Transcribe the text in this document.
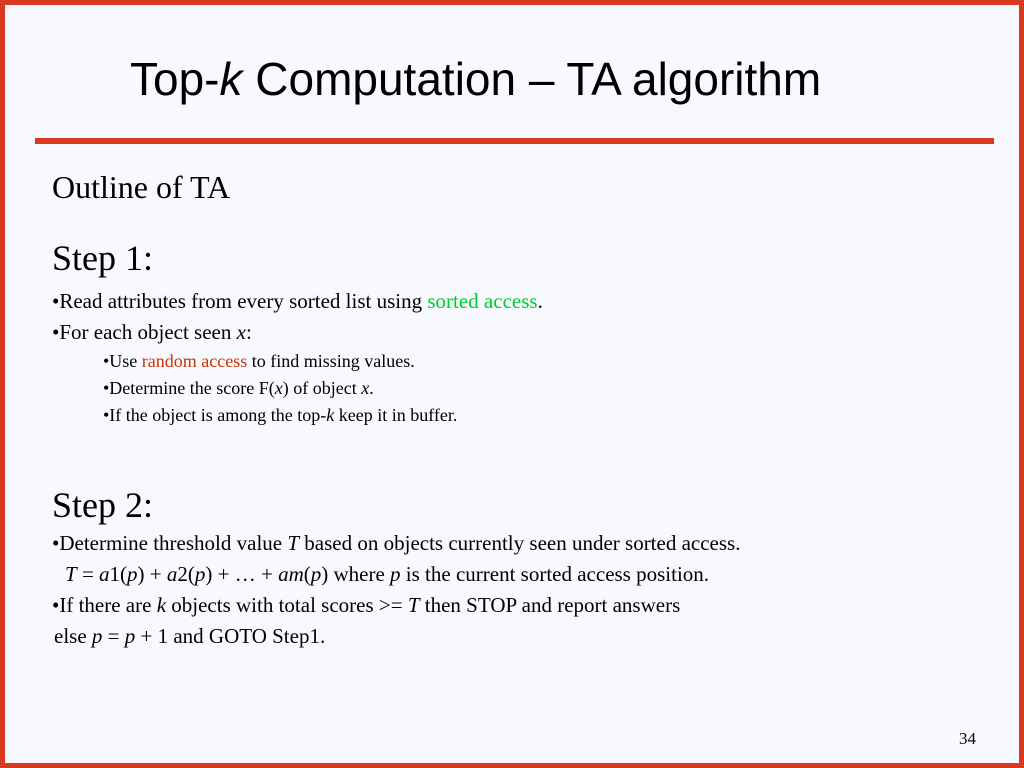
Top-k Computation – TA algorithm
Outline of TA
Step 1:
•Read attributes from every sorted list using sorted access.
•For each object seen x:
•Use random access to find missing values.
•Determine the score F(x) of object x.
•If the object is among the top-k keep it in buffer.
Step 2:
•Determine threshold value T based on objects currently seen under sorted access.
T = a1(p) + a2(p) + … + am(p) where p is the current sorted access position.
•If there are k objects with total scores >= T then STOP and report answers
else p = p + 1 and GOTO Step1.
34
